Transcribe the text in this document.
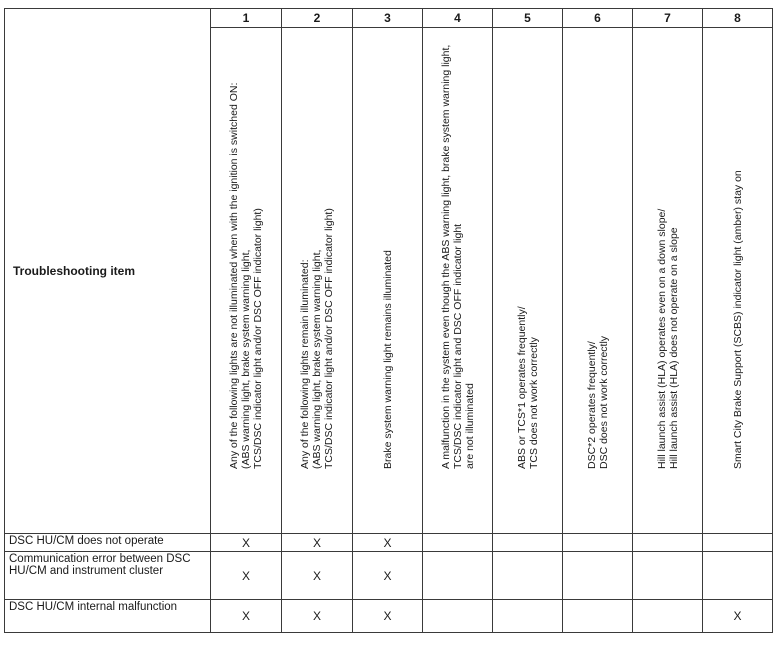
Troubleshooting item	1	2	3	4	5	6	7	8

Any of the following lights are not illuminated when with the ignition is switched ON:
(ABS warning light, brake system warning light,
TCS/DSC indicator light and/or DSC OFF indicator light)	Any of the following lights remain illuminated:
(ABS warning light, brake system warning light,
TCS/DSC indicator light and/or DSC OFF indicator light)	Brake system warning light remains illuminated	A malfunction in the system even though the ABS warning light, brake system warning light,
TCS/DSC indicator light and DSC OFF indicator light
are not illuminated	ABS or TCS*1 operates frequently/
TCS does not work correctly	DSC*2 operates frequently/
DSC does not work correctly	Hill launch assist (HLA) operates even on a down slope/
Hill launch assist (HLA) does not operate on a slope	Smart City Brake Support (SCBS) indicator light (amber) stay on

DSC HU/CM does not operate	X	X	X					
Communication error between DSC HU/CM and instrument cluster	X	X	X					
DSC HU/CM internal malfunction	X	X	X					X
